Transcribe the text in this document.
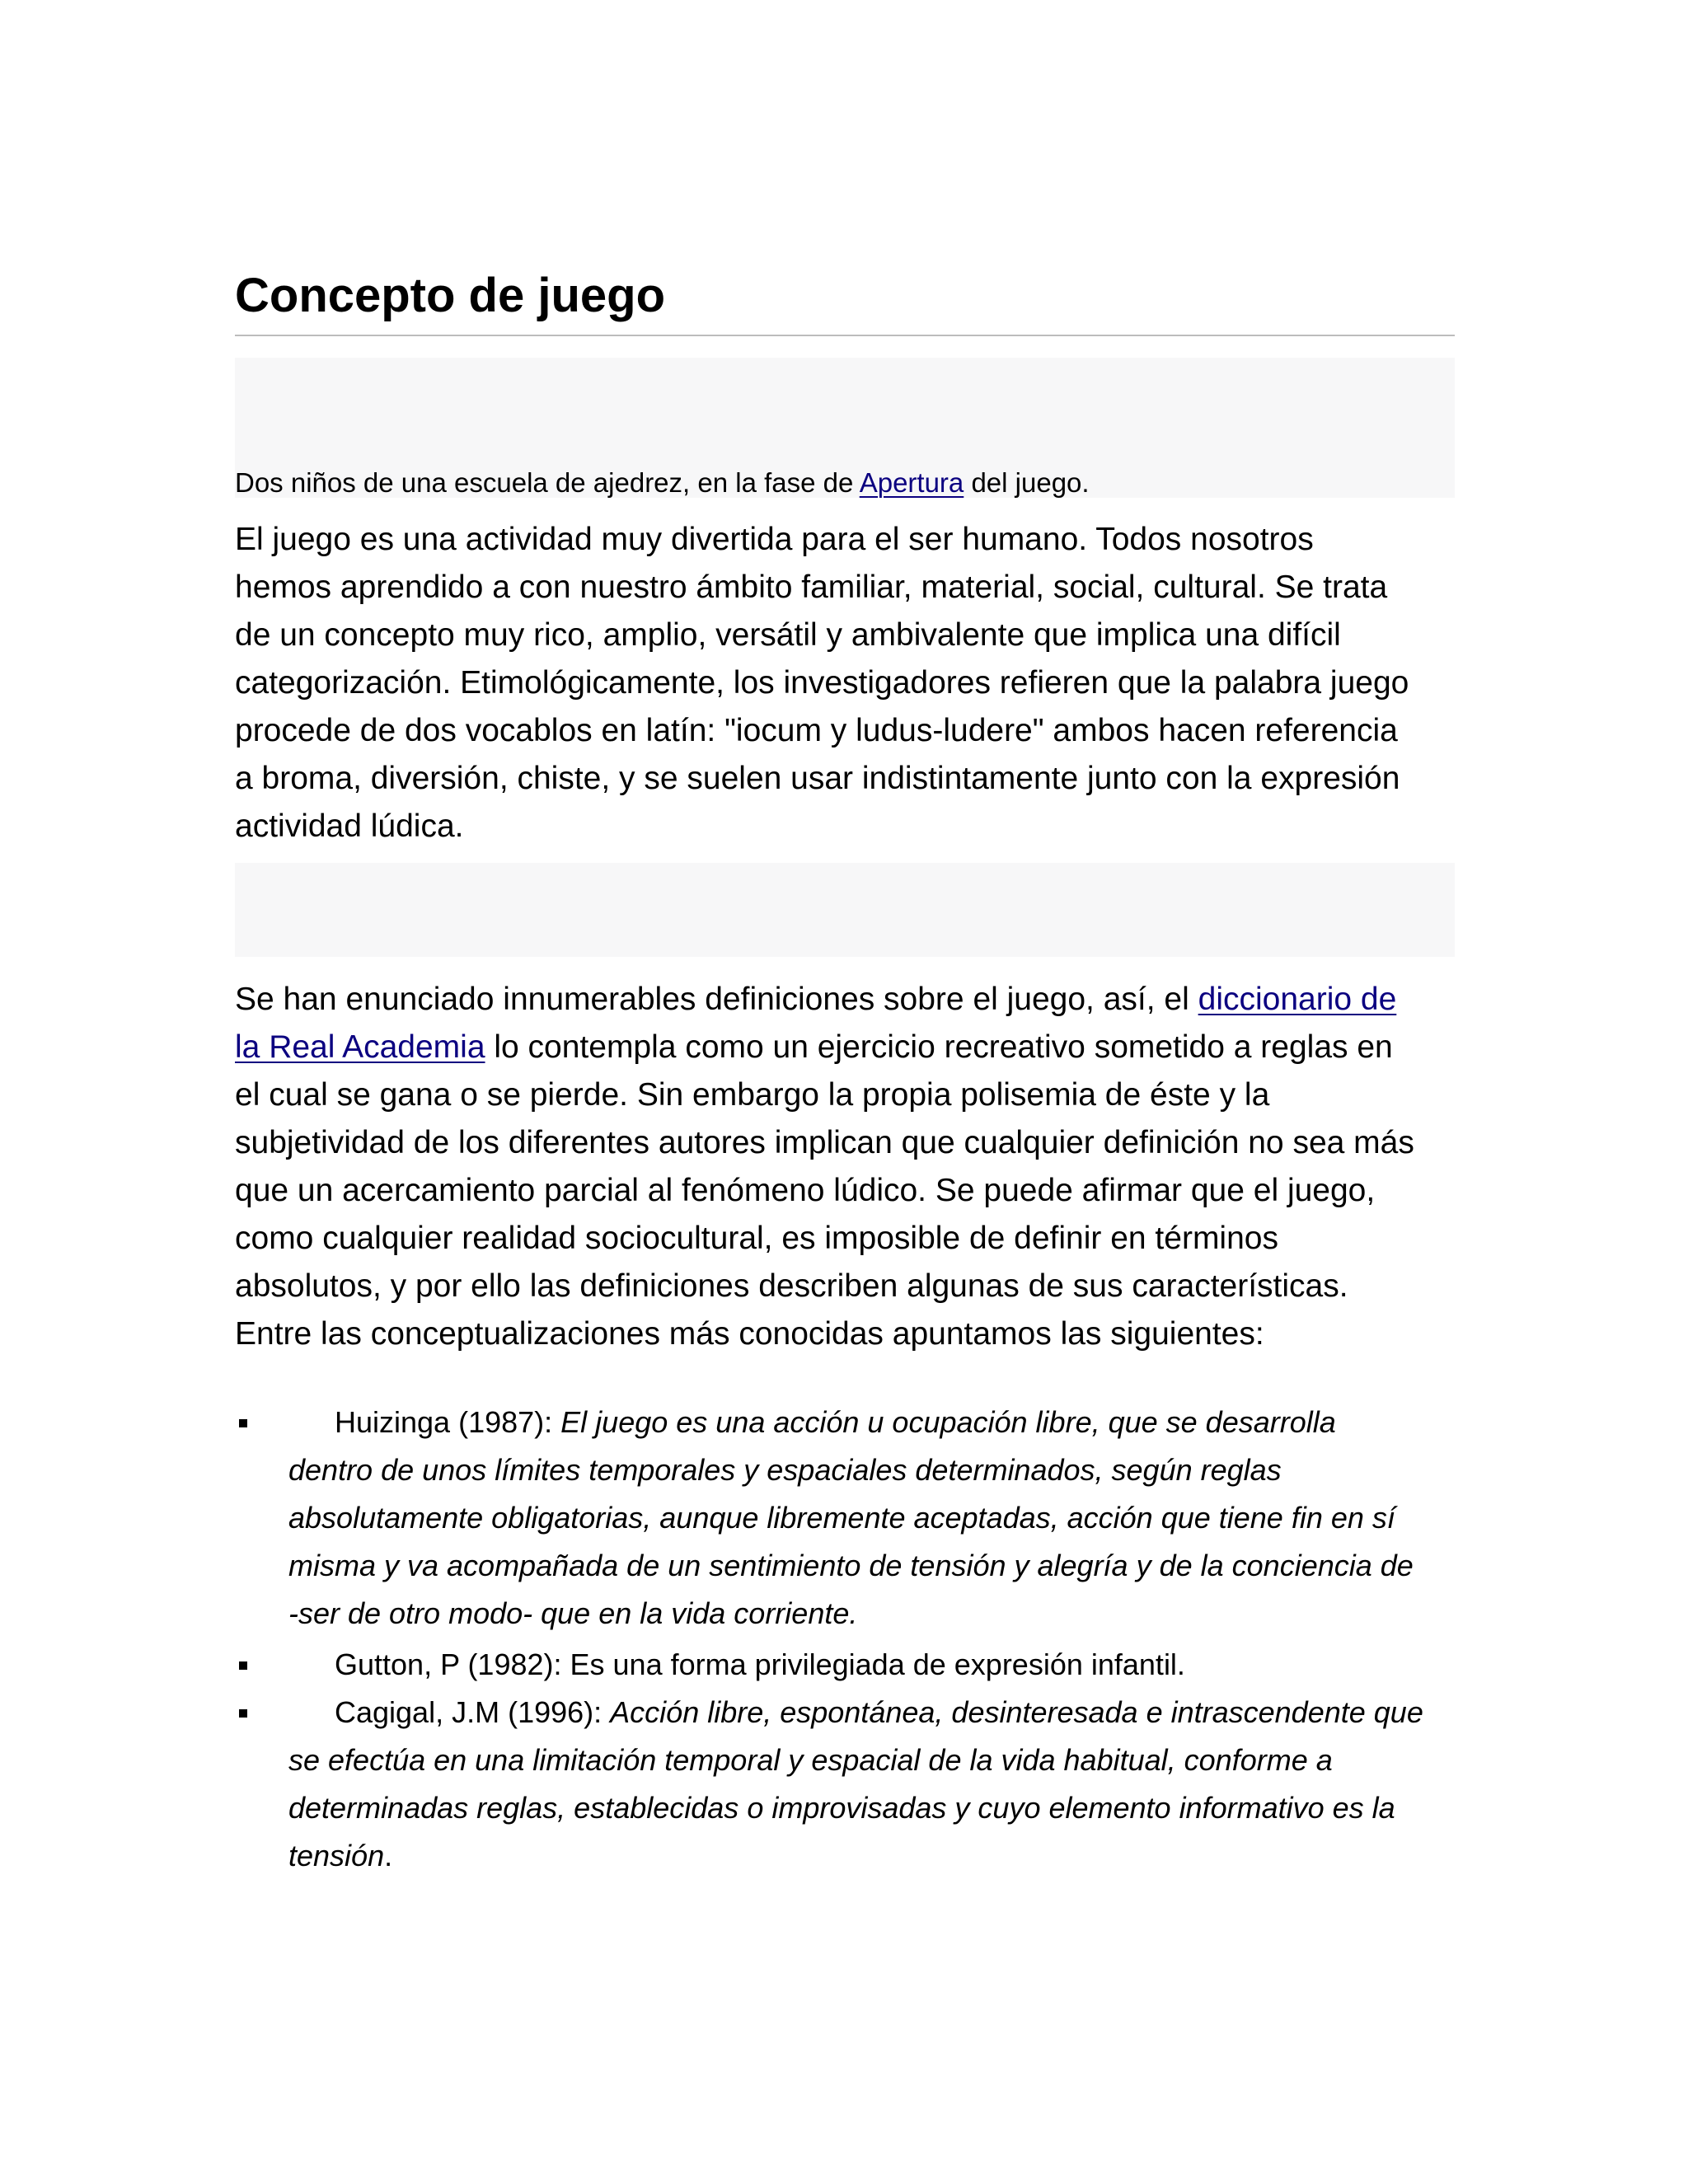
Concepto de juego
Dos niños de una escuela de ajedrez, en la fase de Apertura del juego.

El juego es una actividad muy divertida para el ser humano. Todos nosotros
hemos aprendido a con nuestro ámbito familiar, material, social, cultural. Se trata
de un concepto muy rico, amplio, versátil y ambivalente que implica una difícil
categorización. Etimológicamente, los investigadores refieren que la palabra juego
procede de dos vocablos en latín: "iocum y ludus-ludere" ambos hacen referencia
a broma, diversión, chiste, y se suelen usar indistintamente junto con la expresión
actividad lúdica.

Se han enunciado innumerables definiciones sobre el juego, así, el diccionario de
la Real Academia lo contempla como un ejercicio recreativo sometido a reglas en
el cual se gana o se pierde. Sin embargo la propia polisemia de éste y la
subjetividad de los diferentes autores implican que cualquier definición no sea más
que un acercamiento parcial al fenómeno lúdico. Se puede afirmar que el juego,
como cualquier realidad sociocultural, es imposible de definir en términos
absolutos, y por ello las definiciones describen algunas de sus características.
Entre las conceptualizaciones más conocidas apuntamos las siguientes:

Huizinga (1987): El juego es una acción u ocupación libre, que se desarrolla
dentro de unos límites temporales y espaciales determinados, según reglas
absolutamente obligatorias, aunque libremente aceptadas, acción que tiene fin en sí
misma y va acompañada de un sentimiento de tensión y alegría y de la conciencia de
-ser de otro modo- que en la vida corriente.
Gutton, P (1982): Es una forma privilegiada de expresión infantil.
Cagigal, J.M (1996): Acción libre, espontánea, desinteresada e intrascendente que
se efectúa en una limitación temporal y espacial de la vida habitual, conforme a
determinadas reglas, establecidas o improvisadas y cuyo elemento informativo es la
tensión.
